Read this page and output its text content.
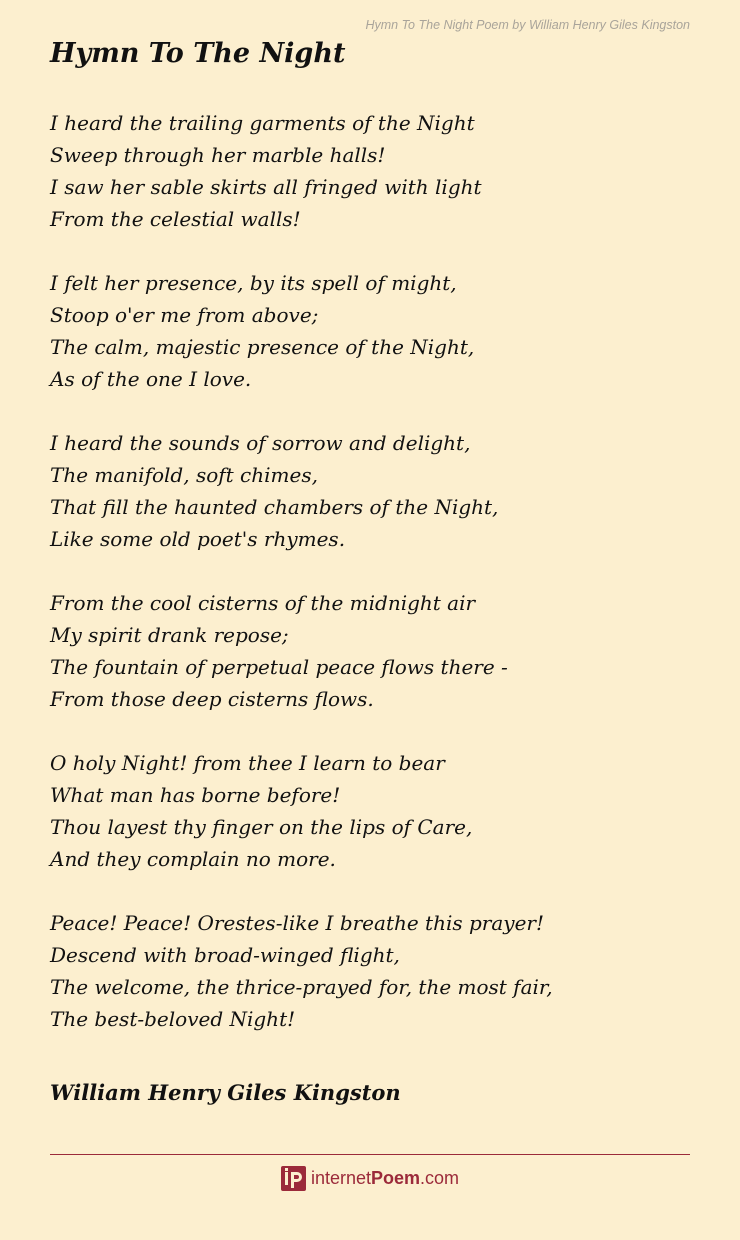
Hymn To The Night Poem by William Henry Giles Kingston
Hymn To The Night
I heard the trailing garments of the Night
Sweep through her marble halls!
I saw her sable skirts all fringed with light
From the celestial walls!
I felt her presence, by its spell of might,
Stoop o'er me from above;
The calm, majestic presence of the Night,
As of the one I love.
I heard the sounds of sorrow and delight,
The manifold, soft chimes,
That fill the haunted chambers of the Night,
Like some old poet's rhymes.
From the cool cisterns of the midnight air
My spirit drank repose;
The fountain of perpetual peace flows there -
From those deep cisterns flows.
O holy Night! from thee I learn to bear
What man has borne before!
Thou layest thy finger on the lips of Care,
And they complain no more.
Peace! Peace! Orestes-like I breathe this prayer!
Descend with broad-winged flight,
The welcome, the thrice-prayed for, the most fair,
The best-beloved Night!
William Henry Giles Kingston
internetPoem.com
